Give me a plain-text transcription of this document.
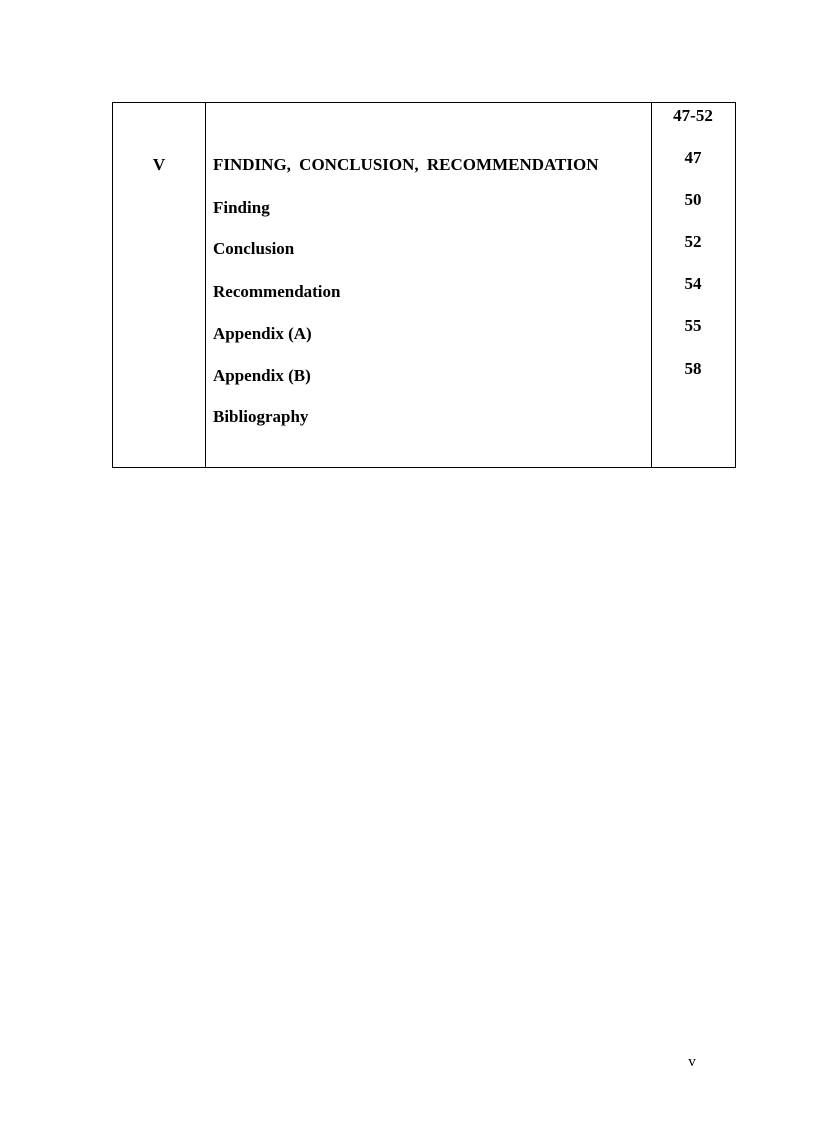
V	FINDING, CONCLUSION, RECOMMENDATION
Finding
Conclusion
Recommendation
Appendix (A)
Appendix (B)
Bibliography
47-52
47
50
52
54
55
58
v
